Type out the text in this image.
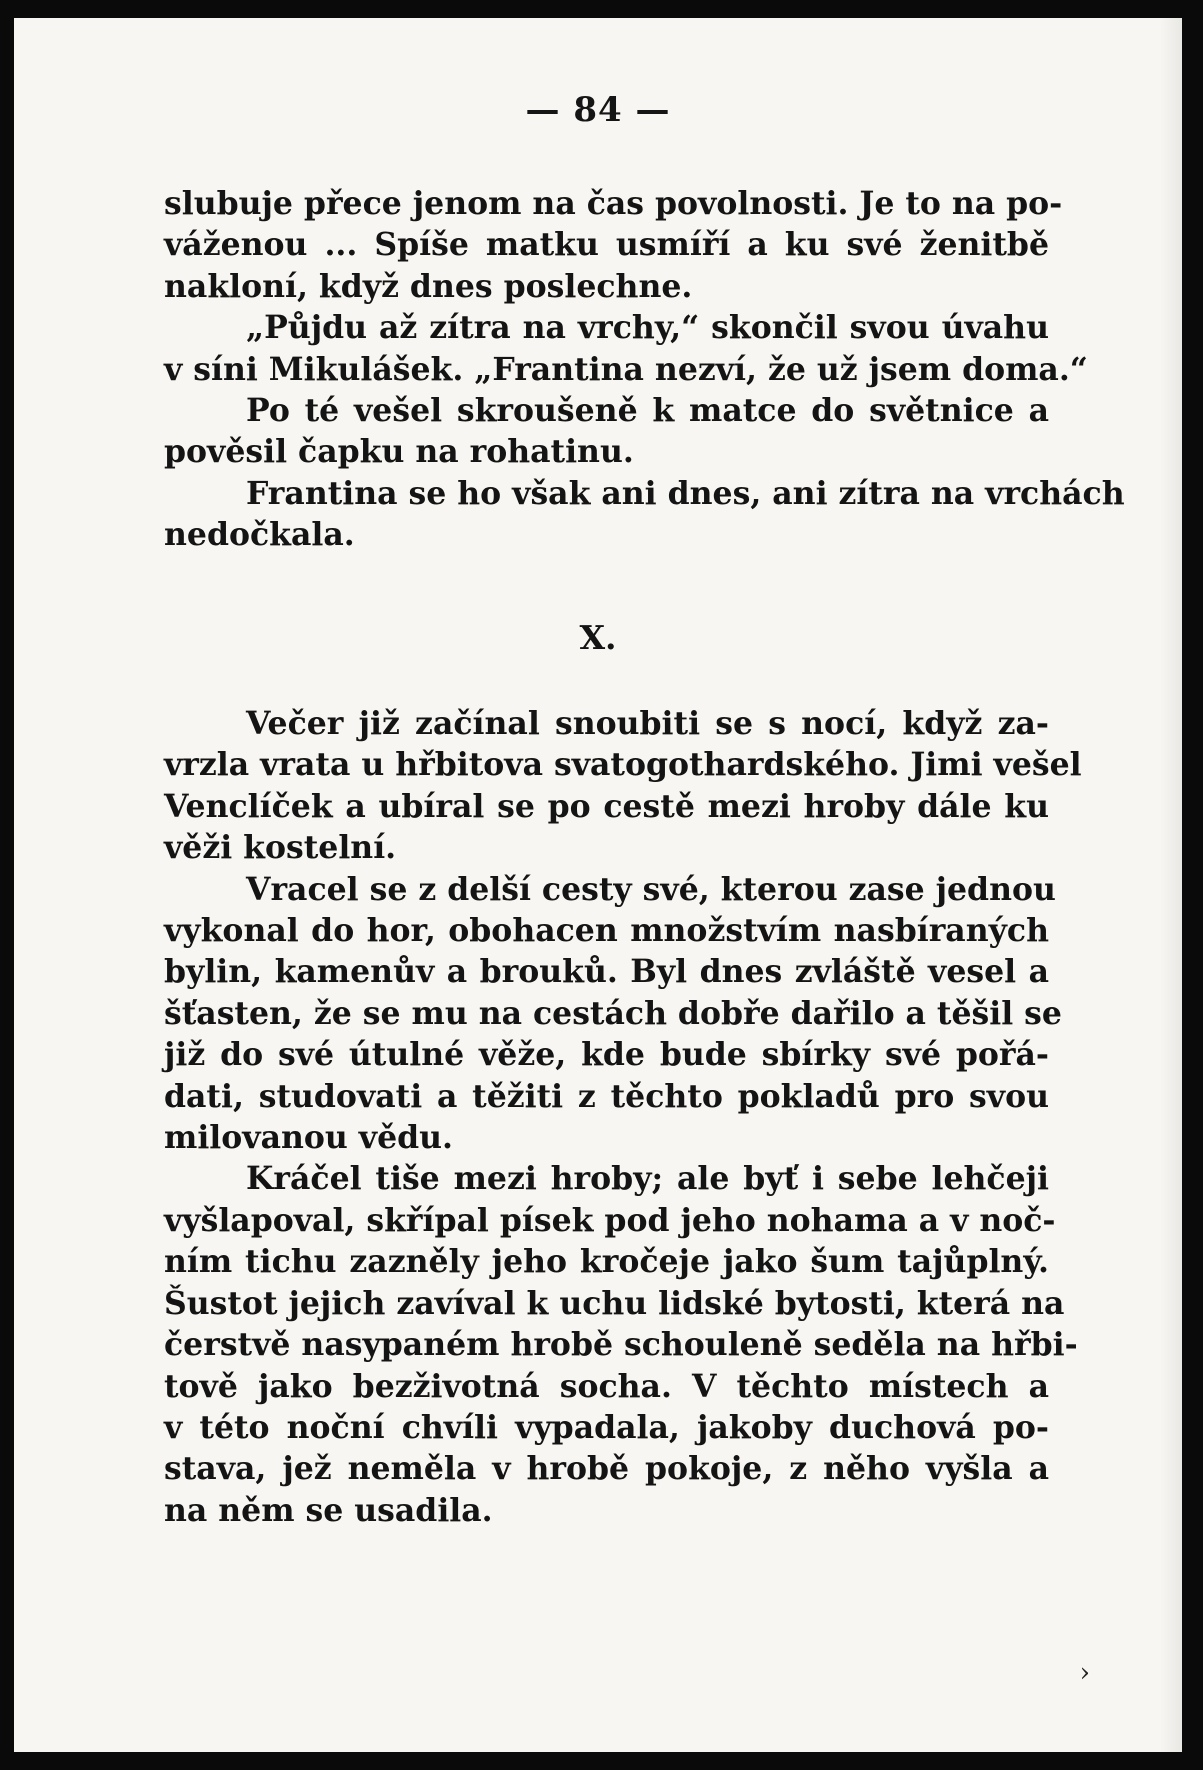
— 84 —
slubuje přece jenom na čas povolnosti. Je to na po-
váženou ... Spíše matku usmíří a ku své ženitbě
nakloní, když dnes poslechne.
„Půjdu až zítra na vrchy,“ skončil svou úvahu
v síni Mikulášek. „Frantina nezví, že už jsem doma.“
Po té vešel skroušeně k matce do světnice a
pověsil čapku na rohatinu.
Frantina se ho však ani dnes, ani zítra na vrchách
nedočkala.
X.
Večer již začínal snoubiti se s nocí, když za-
vrzla vrata u hřbitova svatogothardského. Jimi vešel
Venclíček a ubíral se po cestě mezi hroby dále ku
věži kostelní.
Vracel se z delší cesty své, kterou zase jednou
vykonal do hor, obohacen množstvím nasbíraných
bylin, kamenův a brouků. Byl dnes zvláště vesel a
šťasten, že se mu na cestách dobře dařilo a těšil se
již do své útulné věže, kde bude sbírky své pořá-
dati, studovati a těžiti z těchto pokladů pro svou
milovanou vědu.
Kráčel tiše mezi hroby; ale byť i sebe lehčeji
vyšlapoval, skřípal písek pod jeho nohama a v noč-
ním tichu zazněly jeho kročeje jako šum tajůplný.
Šustot jejich zavíval k uchu lidské bytosti, která na
čerstvě nasypaném hrobě schouleně seděla na hřbi-
tově jako bezživotná socha. V těchto místech a
v této noční chvíli vypadala, jakoby duchová po-
stava, jež neměla v hrobě pokoje, z něho vyšla a
na něm se usadila.
›
